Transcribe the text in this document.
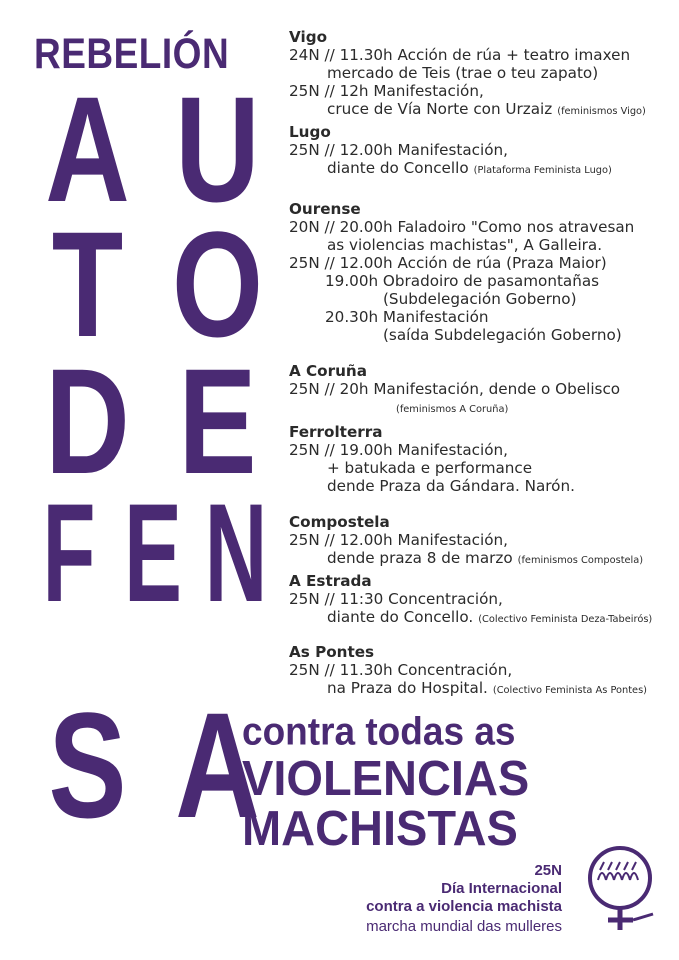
REBELIÓN
A U
T O
D E
F E N
S A
Vigo
24N // 11.30h Acción de rúa + teatro imaxen
mercado de Teis (trae o teu zapato)
25N // 12h Manifestación,
cruce de Vía Norte con Urzaiz (feminismos Vigo)
Lugo
25N // 12.00h Manifestación,
diante do Concello (Plataforma Feminista Lugo)
Ourense
20N // 20.00h Faladoiro "Como nos atravesan
as violencias machistas", A Galleira.
25N // 12.00h Acción de rúa (Praza Maior)
19.00h Obradoiro de pasamontañas
(Subdelegación Goberno)
20.30h Manifestación
(saída Subdelegación Goberno)
A Coruña
25N // 20h Manifestación, dende o Obelisco
(feminismos A Coruña)
Ferrolterra
25N // 19.00h Manifestación,
+ batukada e performance
dende Praza da Gándara. Narón.
Compostela
25N // 12.00h Manifestación,
dende praza 8 de marzo (feminismos Compostela)
A Estrada
25N // 11:30 Concentración,
diante do Concello. (Colectivo Feminista Deza-Tabeirós)
As Pontes
25N // 11.30h Concentración,
na Praza do Hospital. (Colectivo Feminista As Pontes)
contra todas as
VIOLENCIAS
MACHISTAS
25N
Día Internacional
contra a violencia machista
marcha mundial das mulleres
